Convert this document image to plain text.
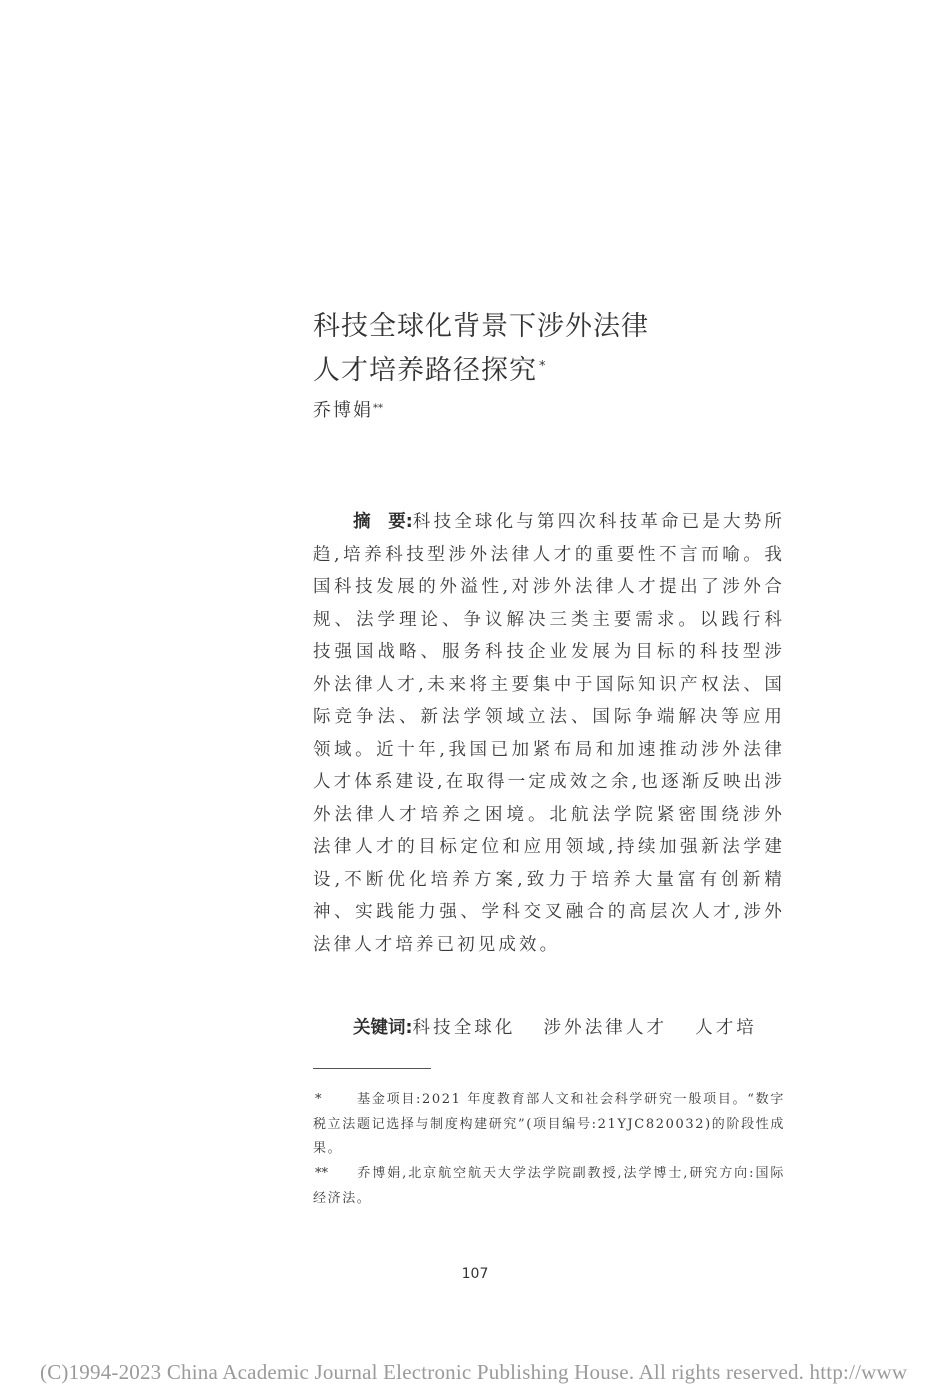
科技全球化背景下涉外法律
人才培养路径探究 *
乔博娟**

摘　要:科技全球化与第四次科技革命已是大势所趋,培养科技型涉外法律人才的重要性不言而喻。我国科技发展的外溢性,对涉外法律人才提出了涉外合规、法学理论、争议解决三类主要需求。以践行科技强国战略、服务科技企业发展为目标的科技型涉外法律人才,未来将主要集中于国际知识产权法、国际竞争法、新法学领域立法、国际争端解决等应用领域。近十年,我国已加紧布局和加速推动涉外法律人才体系建设,在取得一定成效之余,也逐渐反映出涉外法律人才培养之困境。北航法学院紧密围绕涉外法律人才的目标定位和应用领域,持续加强新法学建设,不断优化培养方案,致力于培养大量富有创新精神、实践能力强、学科交叉融合的高层次人才,涉外法律人才培养已初见成效。

关键词:科技全球化 涉外法律人才 人才培

*	基金项目:2021 年度教育部人文和社会科学研究一般项目。“数字税立法题记选择与制度构建研究”(项目编号:21YJC820032)的阶段性成果。

** 乔博娟,北京航空航天大学法学院副教授,法学博士,研究方向:国际经济法。

107
(C)1994-2023 China Academic Journal Electronic Publishing House. All rights reserved. http://www
